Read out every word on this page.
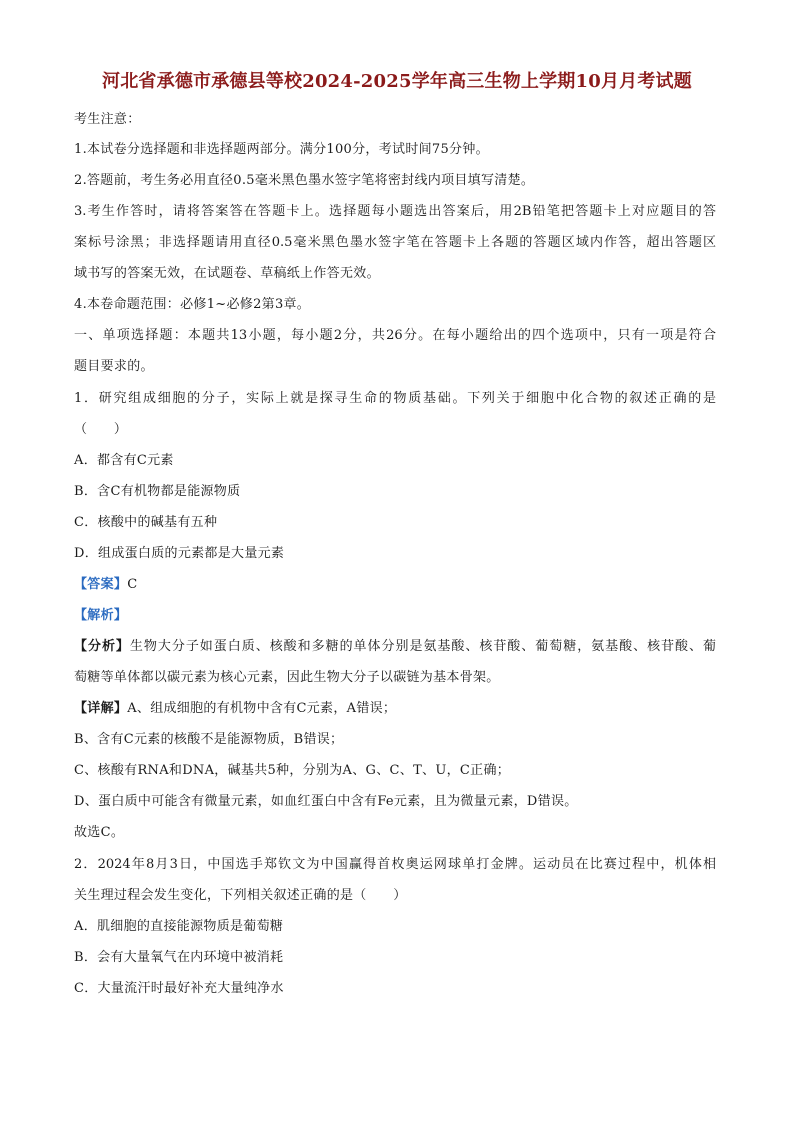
河北省承德市承德县等校2024-2025学年高三生物上学期10月月考试题
考生注意：
1.本试卷分选择题和非选择题两部分。满分100分，考试时间75分钟。
2.答题前，考生务必用直径0.5毫米黑色墨水签字笔将密封线内项目填写清楚。
3.考生作答时，请将答案答在答题卡上。选择题每小题选出答案后，用2B铅笔把答题卡上对应题目的答
案标号涂黑；非选择题请用直径0.5毫米黑色墨水签字笔在答题卡上各题的答题区域内作答，超出答题区
域书写的答案无效，在试题卷、草稿纸上作答无效。
4.本卷命题范围：必修1~必修2第3章。
一、单项选择题：本题共13小题，每小题2分，共26分。在每小题给出的四个选项中，只有一项是符合
题目要求的。
1．研究组成细胞的分子，实际上就是探寻生命的物质基础。下列关于细胞中化合物的叙述正确的是
（　　）
A．都含有C元素
B．含C有机物都是能源物质
C．核酸中的碱基有五种
D．组成蛋白质的元素都是大量元素
【答案】C
【解析】
【分析】生物大分子如蛋白质、核酸和多糖的单体分别是氨基酸、核苷酸、葡萄糖，氨基酸、核苷酸、葡
萄糖等单体都以碳元素为核心元素，因此生物大分子以碳链为基本骨架。
【详解】A、组成细胞的有机物中含有C元素，A错误；
B、含有C元素的核酸不是能源物质，B错误；
C、核酸有RNA和DNA，碱基共5种，分别为A、G、C、T、U，C正确；
D、蛋白质中可能含有微量元素，如血红蛋白中含有Fe元素，且为微量元素，D错误。
故选C。
2．2024年8月3日，中国选手郑钦文为中国赢得首枚奥运网球单打金牌。运动员在比赛过程中，机体相
关生理过程会发生变化，下列相关叙述正确的是（　　）
A．肌细胞的直接能源物质是葡萄糖
B．会有大量氧气在内环境中被消耗
C．大量流汗时最好补充大量纯净水
